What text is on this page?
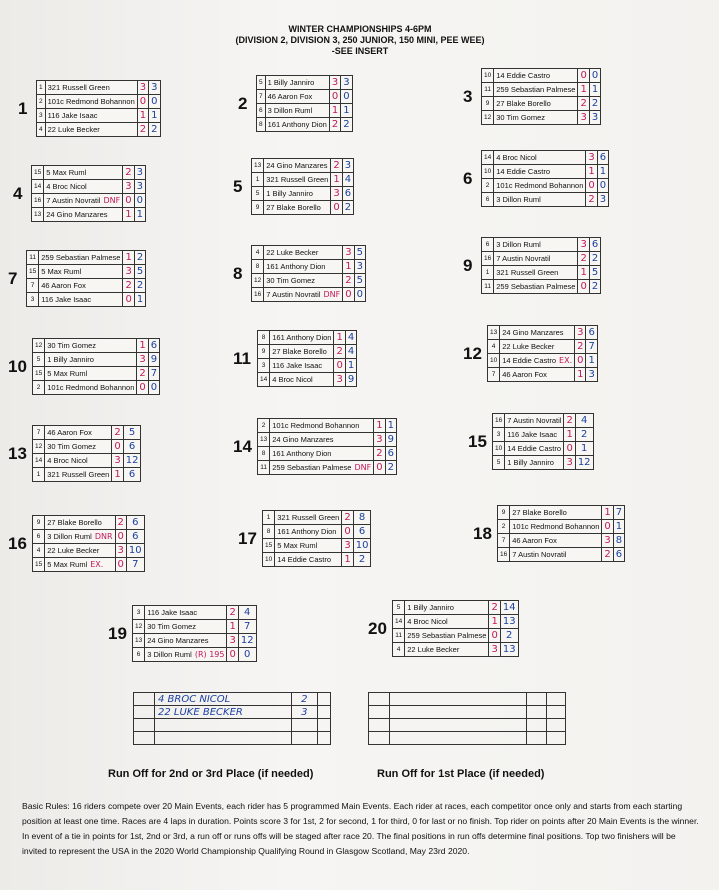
WINTER CHAMPIONSHIPS 4-6PM
(DIVISION 2, DIVISION 3, 250 JUNIOR, 150 MINI, PEE WEE)
-SEE INSERT
1
1	321 Russell Green	3	3
2	101c Redmond Bohannon	0	0
3	116 Jake Isaac	1	1
4	22 Luke Becker	2	2
2
5	1 Billy Janniro	3	3
7	46 Aaron Fox	0	0
6	3 Dillon Ruml	1	1
8	161 Anthony Dion	2	2
3
10	14 Eddie Castro	0	0
11	259 Sebastian Palmese	1	1
9	27 Blake Borello	2	2
12	30 Tim Gomez	3	3
4
15	5 Max Ruml	2	3
14	4 Broc Nicol	3	3
16	7 Austin Novratil DNF	0	0
13	24 Gino Manzares	1	1
5
13	24 Gino Manzares	2	3
1	321 Russell Green	1	4
5	1 Billy Janniro	3	6
9	27 Blake Borello	0	2
6
14	4 Broc Nicol	3	6
10	14 Eddie Castro	1	1
2	101c Redmond Bohannon	0	0
6	3 Dillon Ruml	2	3
7
11	259 Sebastian Palmese	1	2
15	5 Max Ruml	3	5
7	46 Aaron Fox	2	2
3	116 Jake Isaac	0	1
8
4	22 Luke Becker	3	5
8	161 Anthony Dion	1	3
12	30 Tim Gomez	2	5
16	7 Austin Novratil DNF	0	0
9
6	3 Dillon Ruml	3	6
16	7 Austin Novratil	2	2
1	321 Russell Green	1	5
11	259 Sebastian Palmese	0	2
10
12	30 Tim Gomez	1	6
5	1 Billy Janniro	3	9
15	5 Max Ruml	2	7
2	101c Redmond Bohannon	0	0
11
8	161 Anthony Dion	1	4
9	27 Blake Borello	2	4
3	116 Jake Isaac	0	1
14	4 Broc Nicol	3	9
12
13	24 Gino Manzares	3	6
4	22 Luke Becker	2	7
10	14 Eddie Castro EX.	0	1
7	46 Aaron Fox	1	3
13
7	46 Aaron Fox	2	5
12	30 Tim Gomez	0	6
14	4 Broc Nicol	3	12
1	321 Russell Green	1	6
14
2	101c Redmond Bohannon	1	1
13	24 Gino Manzares	3	9
8	161 Anthony Dion	2	6
11	259 Sebastian Palmese DNF	0	2
15
16	7 Austin Novratil	2	4
3	116 Jake Isaac	1	2
10	14 Eddie Castro	0	1
5	1 Billy Janniro	3	12
16
9	27 Blake Borello	2	6
6	3 Dillon Ruml DNR	0	6
4	22 Luke Becker	3	10
15	5 Max Ruml EX.	0	7
17
1	321 Russell Green	2	8
8	161 Anthony Dion	0	6
15	5 Max Ruml	3	10
10	14 Eddie Castro	1	2
18
9	27 Blake Borello	1	7
2	101c Redmond Bohannon	0	1
7	46 Aaron Fox	3	8
16	7 Austin Novratil	2	6
19
3	116 Jake Isaac	2	4
12	30 Tim Gomez	1	7
13	24 Gino Manzares	3	12
6	3 Dillon Ruml (R) 195	0	0
20
5	1 Billy Janniro	2	14
14	4 Broc Nicol	1	13
11	259 Sebastian Palmese	0	2
4	22 Luke Becker	3	13
	4 BROC NICOL	2	
	22 LUKE BECKER	3	

Run Off for 2nd or 3rd Place (if needed)

				Run Off for 1st Place (if needed)
Basic Rules: 16 riders compete over 20 Main Events, each rider has 5 programmed Main Events. Each rider at races, each competitor once only and starts from each starting position at least one time. Races are 4 laps in duration. Points score 3 for 1st, 2 for second, 1 for third, 0 for last or no finish. Top rider on points after 20 Main Events is the winner. In event of a tie in points for 1st, 2nd or 3rd, a run off or runs offs will be staged after race 20. The final positions in run offs determine final positions. Top two finishers will be invited to represent the USA in the 2020 World Championship Qualifying Round in Glasgow Scotland, May 23rd 2020.
